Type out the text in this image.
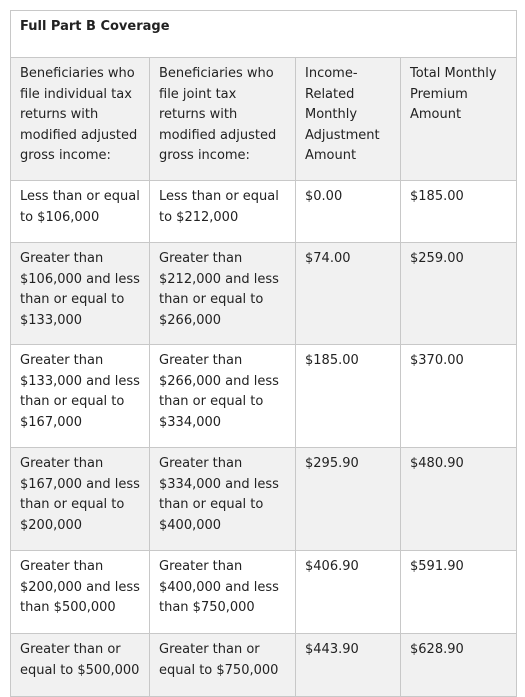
Full Part B Coverage			
Beneficiaries who file individual tax returns with modified adjusted gross income:	Beneficiaries who file joint tax returns with modified adjusted gross income:	Income-Related Monthly Adjustment Amount	Total Monthly Premium Amount
Less than or equal to $106,000	Less than or equal to $212,000	$0.00	$185.00
Greater than $106,000 and less than or equal to $133,000	Greater than $212,000 and less than or equal to $266,000	$74.00	$259.00
Greater than $133,000 and less than or equal to $167,000	Greater than $266,000 and less than or equal to $334,000	$185.00	$370.00
Greater than $167,000 and less than or equal to $200,000	Greater than $334,000 and less than or equal to $400,000	$295.90	$480.90
Greater than $200,000 and less than $500,000	Greater than $400,000 and less than $750,000	$406.90	$591.90
Greater than or equal to $500,000	Greater than or equal to $750,000	$443.90	$628.90
